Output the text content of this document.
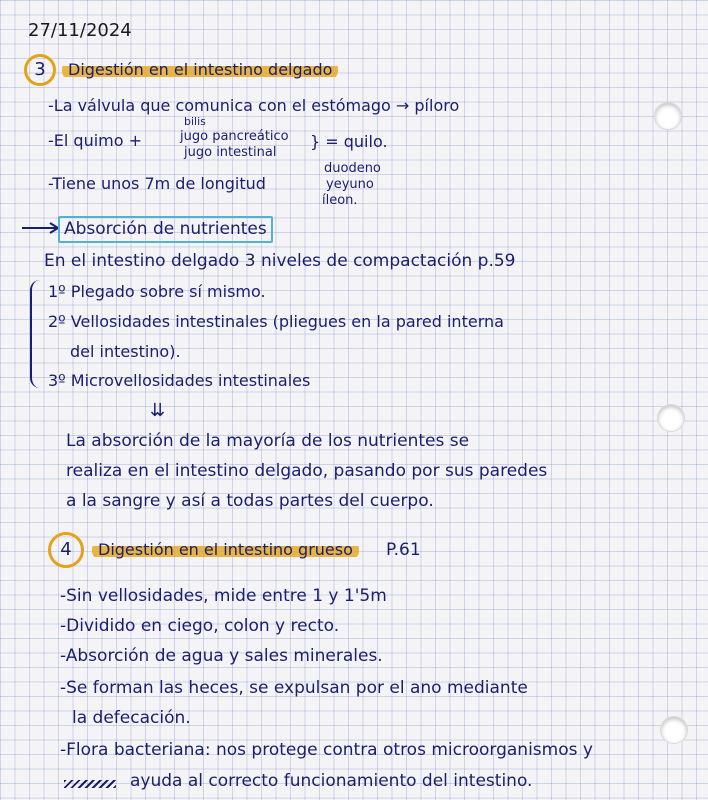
27/11/2024
3	Digestión en el intestino delgado
-La válvula que comunica con el estómago → píloro
-El quimo +
bilis
jugo pancreático
jugo intestinal
} = quilo.
-Tiene unos 7m de longitud
duodeno
yeyuno
íleon.
Absorción de nutrientes
En el intestino delgado 3 niveles de compactación p.59
1º Plegado sobre sí mismo.
2º Vellosidades intestinales (pliegues en la pared interna
del intestino).
3º Microvellosidades intestinales
⇊
La absorción de la mayoría de los nutrientes se
realiza en el intestino delgado, pasando por sus paredes
a la sangre y así a todas partes del cuerpo.
4	Digestión en el intestino grueso	P.61
-Sin vellosidades, mide entre 1 y 1'5m
-Dividido en ciego, colon y recto.
-Absorción de agua y sales minerales.
-Se forman las heces, se expulsan por el ano mediante
la defecación.
-Flora bacteriana: nos protege contra otros microorganismos y
ayuda al correcto funcionamiento del intestino.
